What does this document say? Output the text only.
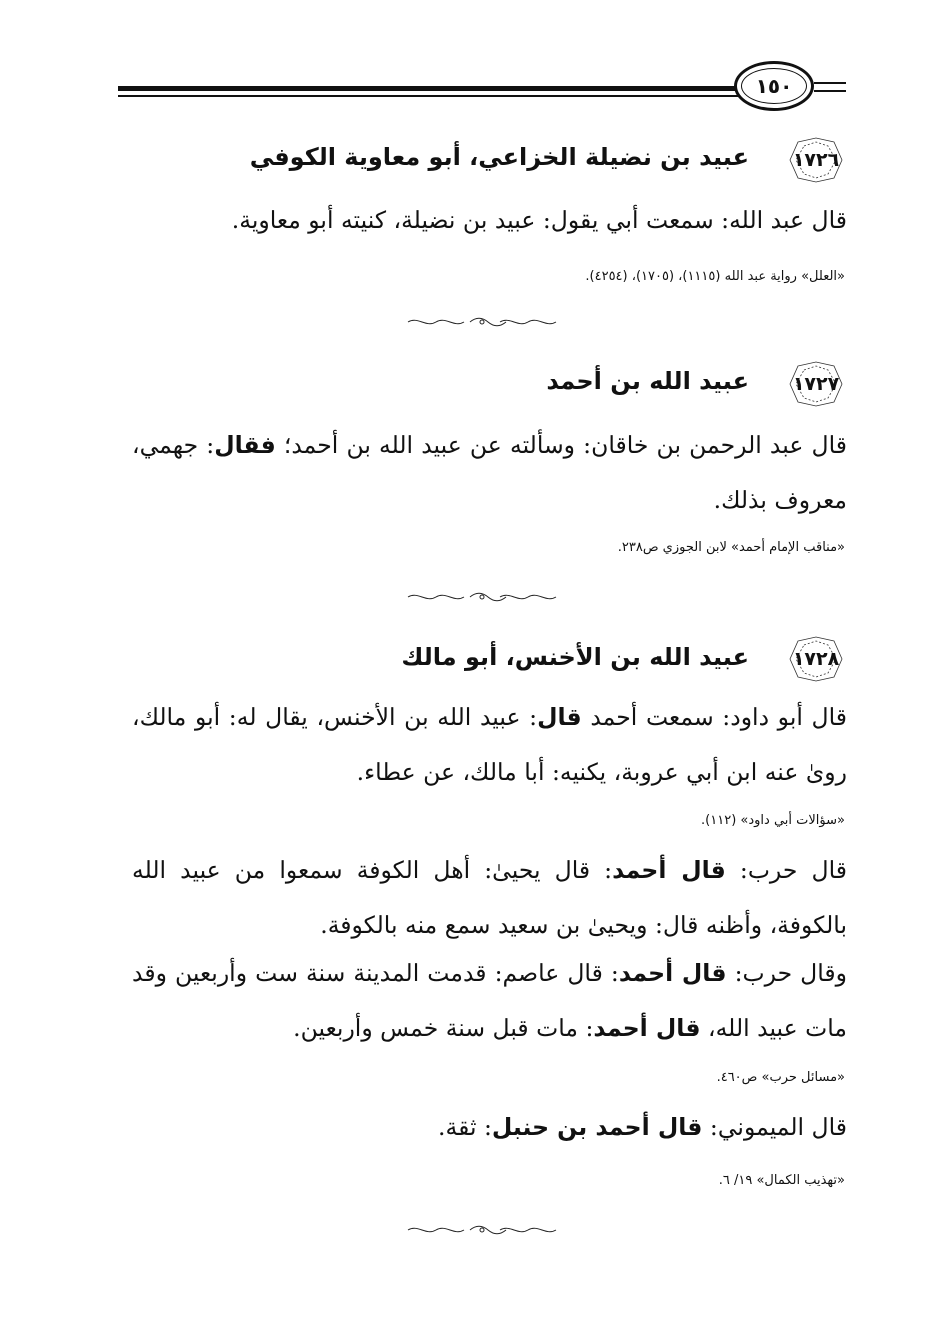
١٥٠
١٧٢٦
عبيد بن نضيلة الخزاعي، أبو معاوية الكوفي
قال عبد الله: سمعت أبي يقول: عبيد بن نضيلة، كنيته أبو معاوية.
«العلل» رواية عبد الله (١١١٥)، (١٧٠٥)، (٤٢٥٤).
١٧٢٧
عبيد الله بن أحمد
قال عبد الرحمن بن خاقان: وسألته عن عبيد الله بن أحمد؛ فقال: جهمي، معروف بذلك.
«مناقب الإمام أحمد» لابن الجوزي ص٢٣٨.
١٧٢٨
عبيد الله بن الأخنس، أبو مالك
قال أبو داود: سمعت أحمد قال: عبيد الله بن الأخنس، يقال له: أبو مالك، روىٰ عنه ابن أبي عروبة، يكنيه: أبا مالك، عن عطاء.
«سؤالات أبي داود» (١١٢).
قال حرب: قال أحمد: قال يحيىٰ: أهل الكوفة سمعوا من عبيد الله بالكوفة، وأظنه قال: ويحيىٰ بن سعيد سمع منه بالكوفة.
وقال حرب: قال أحمد: قال عاصم: قدمت المدينة سنة ست وأربعين وقد مات عبيد الله، قال أحمد: مات قبل سنة خمس وأربعين.
«مسائل حرب» ص٤٦٠.
قال الميموني: قال أحمد بن حنبل: ثقة.
«تهذيب الكمال» ١٩/ ٦.
